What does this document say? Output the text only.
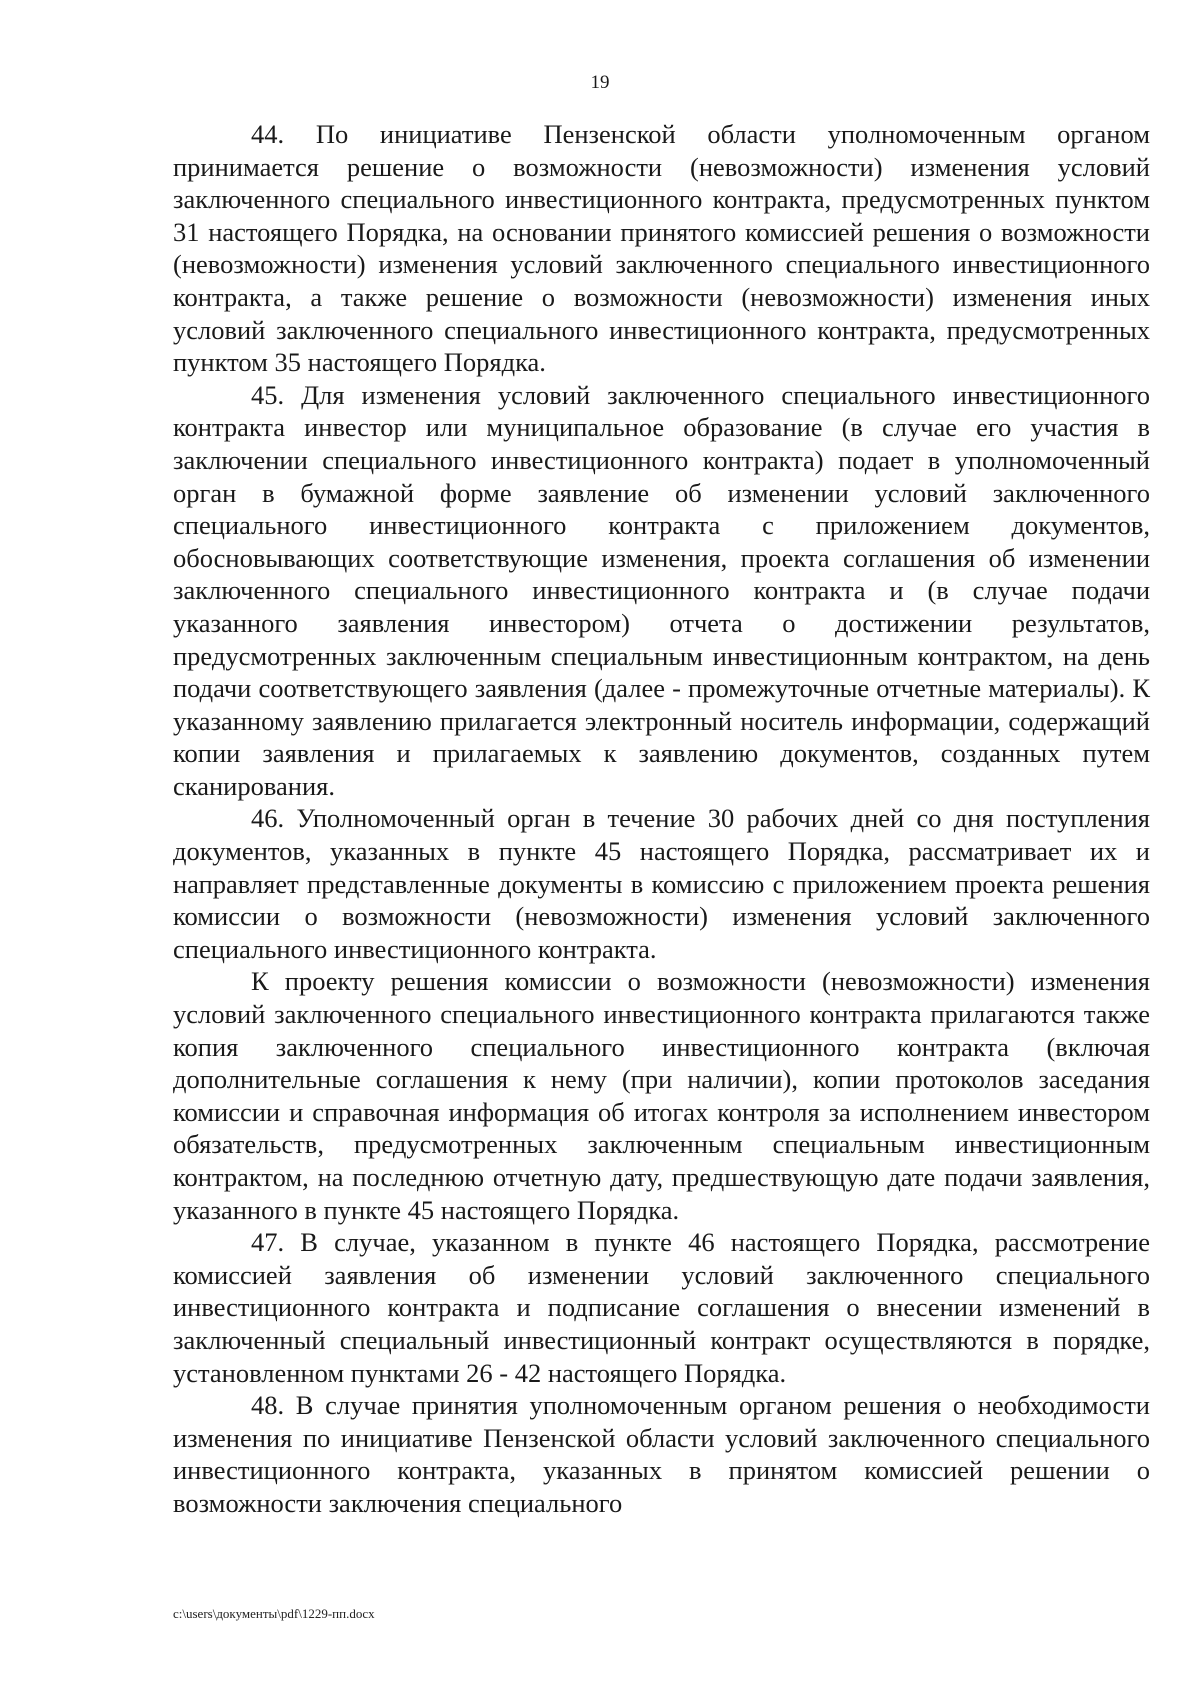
19

44. По инициативе Пензенской области уполномоченным органом принимается решение о возможности (невозможности) изменения условий заключенного специального инвестиционного контракта, предусмотренных пунктом 31 настоящего Порядка, на основании принятого комиссией решения о возможности (невозможности) изменения условий заключенного специального инвестиционного контракта, а также решение о возможности (невозможности) изменения иных условий заключенного специального инвестиционного контракта, предусмотренных пунктом 35 настоящего Порядка.

45. Для изменения условий заключенного специального инвестиционного контракта инвестор или муниципальное образование (в случае его участия в заключении специального инвестиционного контракта) подает в уполномоченный орган в бумажной форме заявление об изменении условий заключенного специального инвестиционного контракта с приложением документов, обосновывающих соответствующие изменения, проекта соглашения об изменении заключенного специального инвестиционного контракта и (в случае подачи указанного заявления инвестором) отчета о достижении результатов, предусмотренных заключенным специальным инвестиционным контрактом, на день подачи соответствующего заявления (далее - промежуточные отчетные материалы). К указанному заявлению прилагается электронный носитель информации, содержащий копии заявления и прилагаемых к заявлению документов, созданных путем сканирования.

46. Уполномоченный орган в течение 30 рабочих дней со дня поступления документов, указанных в пункте 45 настоящего Порядка, рассматривает их и направляет представленные документы в комиссию с приложением проекта решения комиссии о возможности (невозможности) изменения условий заключенного специального инвестиционного контракта.

К проекту решения комиссии о возможности (невозможности) изменения условий заключенного специального инвестиционного контракта прилагаются также копия заключенного специального инвестиционного контракта (включая дополнительные соглашения к нему (при наличии), копии протоколов заседания комиссии и справочная информация об итогах контроля за исполнением инвестором обязательств, предусмотренных заключенным специальным инвестиционным контрактом, на последнюю отчетную дату, предшествующую дате подачи заявления, указанного в пункте 45 настоящего Порядка.

47. В случае, указанном в пункте 46 настоящего Порядка, рассмотрение комиссией заявления об изменении условий заключенного специального инвестиционного контракта и подписание соглашения о внесении изменений в заключенный специальный инвестиционный контракт осуществляются в порядке, установленном пунктами 26 - 42 настоящего Порядка.

48. В случае принятия уполномоченным органом решения о необходимости изменения по инициативе Пензенской области условий заключенного специального инвестиционного контракта, указанных в принятом комиссией решении о возможности заключения специального

c:\users\документы\pdf\1229-пп.docx
